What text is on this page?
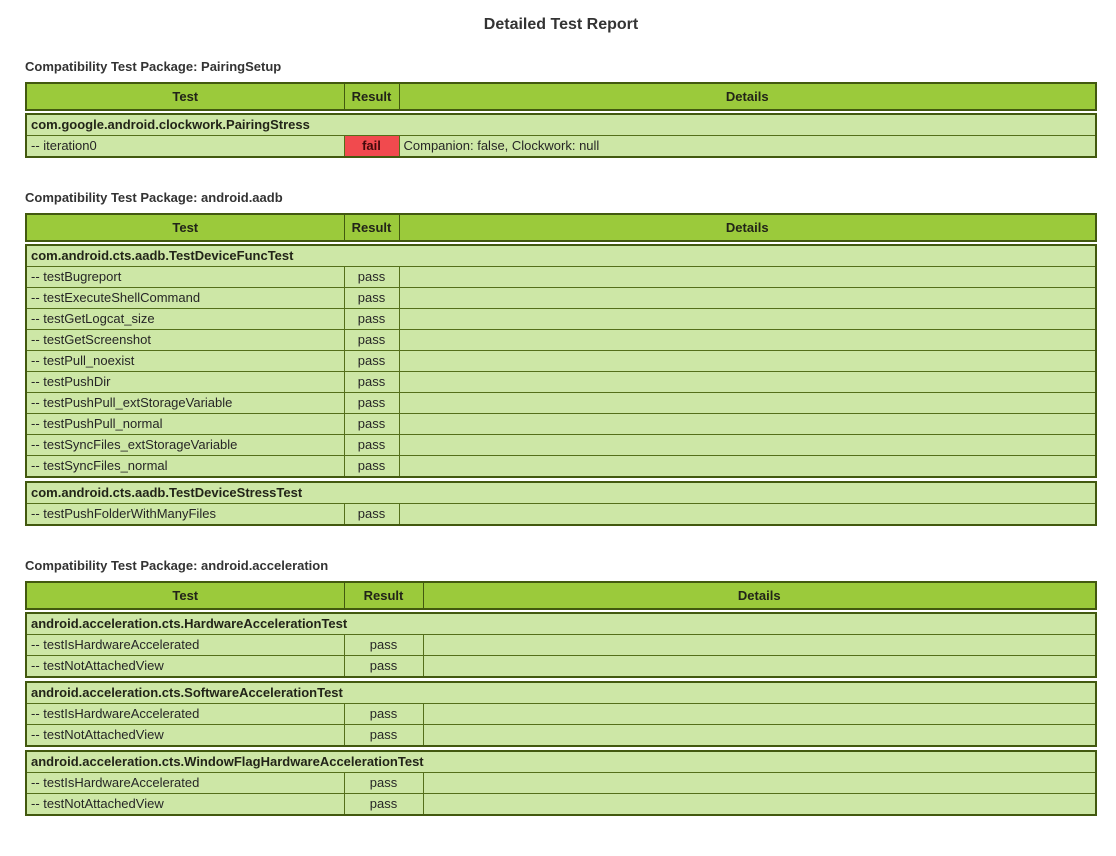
Detailed Test Report
Compatibility Test Package: PairingSetup
Test	Result	Details
com.google.android.clockwork.PairingStress
-- iteration0	fail	Companion: false, Clockwork: null
Compatibility Test Package: android.aadb
Test	Result	Details
com.android.cts.aadb.TestDeviceFuncTest		
-- testBugreport	pass	
-- testExecuteShellCommand	pass	
-- testGetLogcat_size	pass	
-- testGetScreenshot	pass	
-- testPull_noexist	pass	
-- testPushDir	pass	
-- testPushPull_extStorageVariable	pass	
-- testPushPull_normal	pass	
-- testSyncFiles_extStorageVariable	pass	
-- testSyncFiles_normal	pass	
com.android.cts.aadb.TestDeviceStressTest
-- testPushFolderWithManyFiles	pass	
Compatibility Test Package: android.acceleration
Test	Result	Details
android.acceleration.cts.HardwareAccelerationTest		
-- testIsHardwareAccelerated	pass	
-- testNotAttachedView	pass	
android.acceleration.cts.SoftwareAccelerationTest		
-- testIsHardwareAccelerated	pass	
-- testNotAttachedView	pass	
android.acceleration.cts.WindowFlagHardwareAccelerationTest		
-- testIsHardwareAccelerated	pass	
-- testNotAttachedView	pass	
